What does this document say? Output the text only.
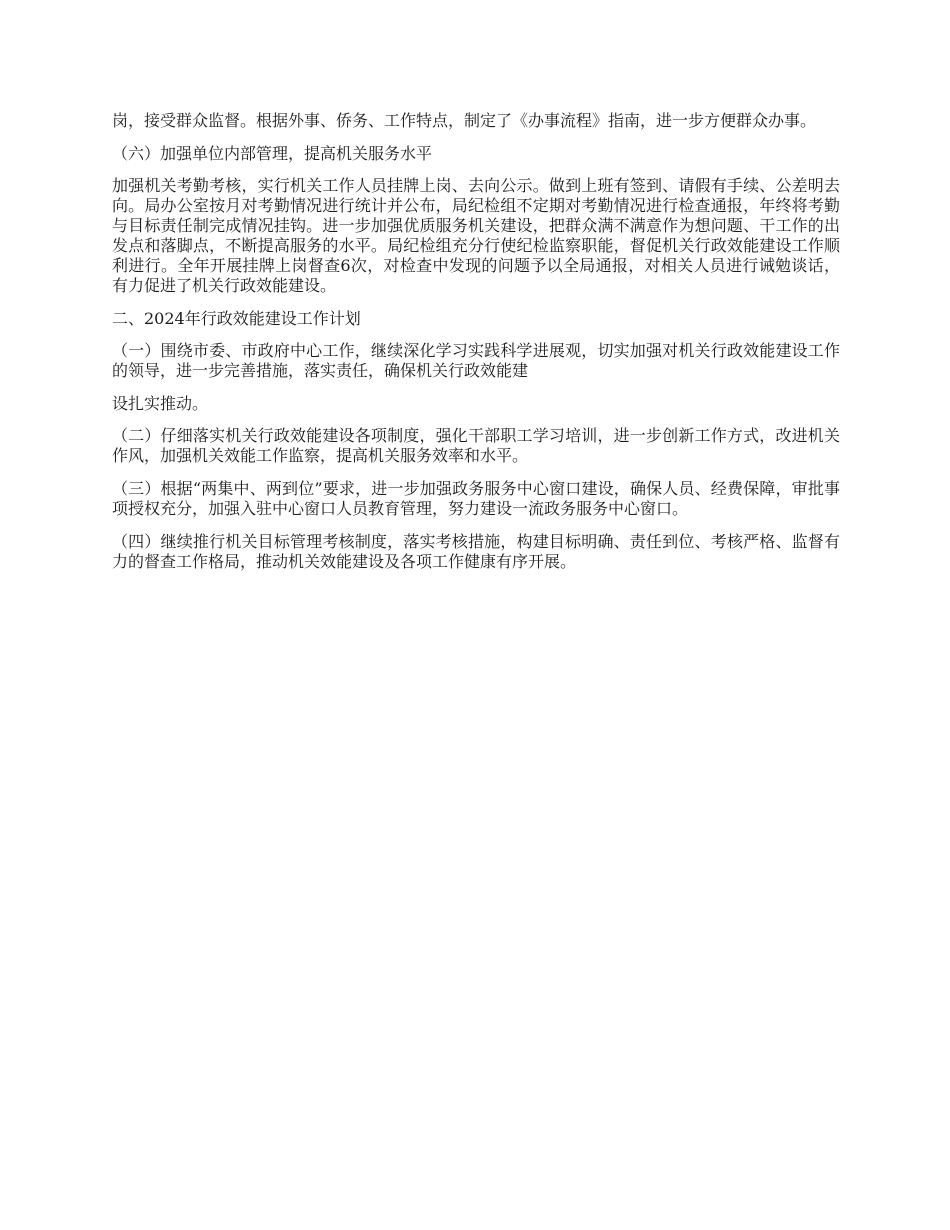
岗，接受群众监督。根据外事、侨务、工作特点，制定了《办事流程》指南，进一步方便群众办事。

（六）加强单位内部管理，提高机关服务水平

加强机关考勤考核，实行机关工作人员挂牌上岗、去向公示。做到上班有签到、请假有手续、公差明去向。局办公室按月对考勤情况进行统计并公布，局纪检组不定期对考勤情况进行检查通报，年终将考勤与目标责任制完成情况挂钩。进一步加强优质服务机关建设，把群众满不满意作为想问题、干工作的出发点和落脚点，不断提高服务的水平。局纪检组充分行使纪检监察职能，督促机关行政效能建设工作顺利进行。全年开展挂牌上岗督查6次，对检查中发现的问题予以全局通报，对相关人员进行诫勉谈话，有力促进了机关行政效能建设。

二、2024年行政效能建设工作计划

（一）围绕市委、市政府中心工作，继续深化学习实践科学进展观，切实加强对机关行政效能建设工作的领导，进一步完善措施，落实责任，确保机关行政效能建

设扎实推动。

（二）仔细落实机关行政效能建设各项制度，强化干部职工学习培训，进一步创新工作方式，改进机关作风，加强机关效能工作监察，提高机关服务效率和水平。

（三）根据“两集中、两到位”要求，进一步加强政务服务中心窗口建设，确保人员、经费保障，审批事项授权充分，加强入驻中心窗口人员教育管理，努力建设一流政务服务中心窗口。

（四）继续推行机关目标管理考核制度，落实考核措施，构建目标明确、责任到位、考核严格、监督有力的督查工作格局，推动机关效能建设及各项工作健康有序开展。
